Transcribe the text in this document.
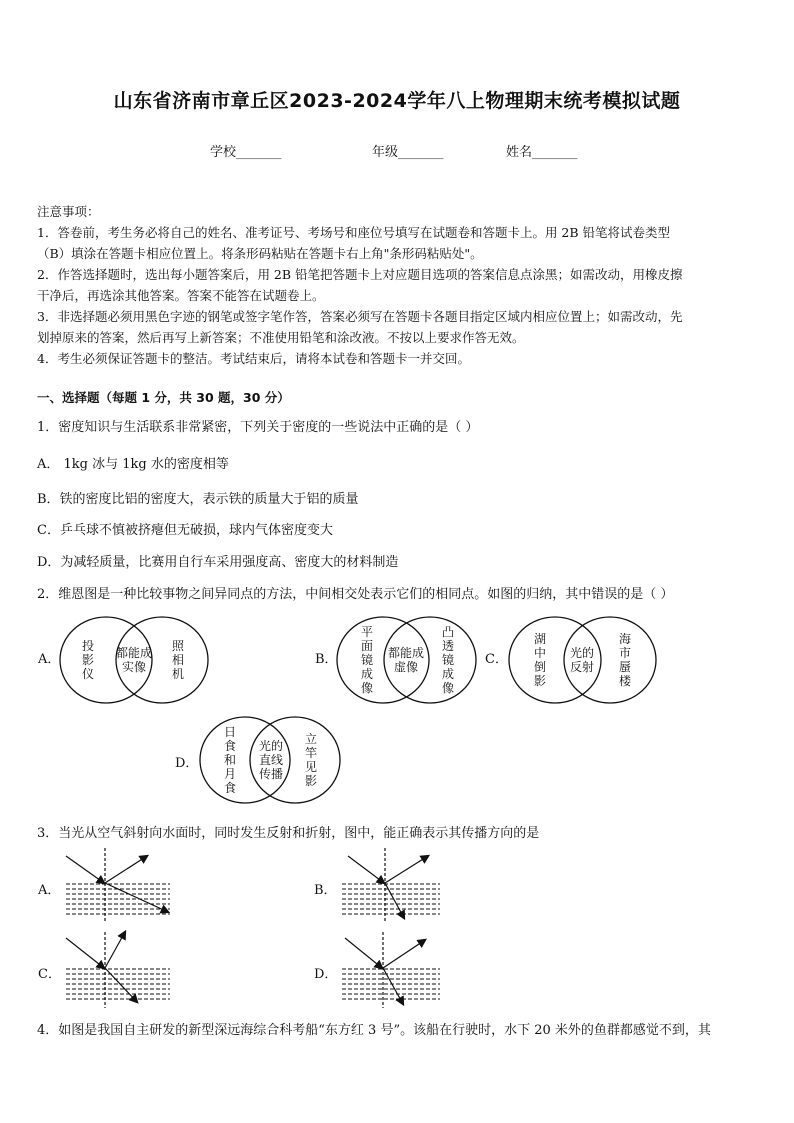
山东省济南市章丘区2023-2024学年八上物理期末统考模拟试题
学校_______	年级_______	姓名_______
注意事项：
1．答卷前，考生务必将自己的姓名、准考证号、考场号和座位号填写在试题卷和答题卡上。用 2B 铅笔将试卷类型
（B）填涂在答题卡相应位置上。将条形码粘贴在答题卡右上角"条形码粘贴处"。
2．作答选择题时，选出每小题答案后，用 2B 铅笔把答题卡上对应题目选项的答案信息点涂黑；如需改动，用橡皮擦
干净后，再选涂其他答案。答案不能答在试题卷上。
3．非选择题必须用黑色字迹的钢笔或签字笔作答，答案必须写在答题卡各题目指定区域内相应位置上；如需改动，先
划掉原来的答案，然后再写上新答案；不准使用铅笔和涂改液。不按以上要求作答无效。
4．考生必须保证答题卡的整洁。考试结束后，请将本试卷和答题卡一并交回。
一、选择题（每题 1 分，共 30 题，30 分）
1．密度知识与生活联系非常紧密，下列关于密度的一些说法中正确的是（ ）
A． 1kg 冰与 1kg 水的密度相等
B．铁的密度比铝的密度大，表示铁的质量大于铝的质量
C．乒乓球不慎被挤瘪但无破损，球内气体密度变大
D．为减轻质量，比赛用自行车采用强度高、密度大的材料制造
2．维恩图是一种比较事物之间异同点的方法，中间相交处表示它们的相同点。如图的归纳，其中错误的是（ ）
A．
投
影
仪
都能成
实像
照
相
机
B．
平
面
镜
成
像
都能成
虚像
凸
透
镜
成
像
C．
湖
中
倒
影
光的
反射
海
市
蜃
楼
D．
日
食
和
月
食
光的
直线
传播
立
竿
见
影
3．当光从空气斜射向水面时，同时发生反射和折射，图中，能正确表示其传播方向的是
A．	B．
C．	D．
4．如图是我国自主研发的新型深远海综合科考船“东方红 3 号”。该船在行驶时，水下 20 米外的鱼群都感觉不到，其
